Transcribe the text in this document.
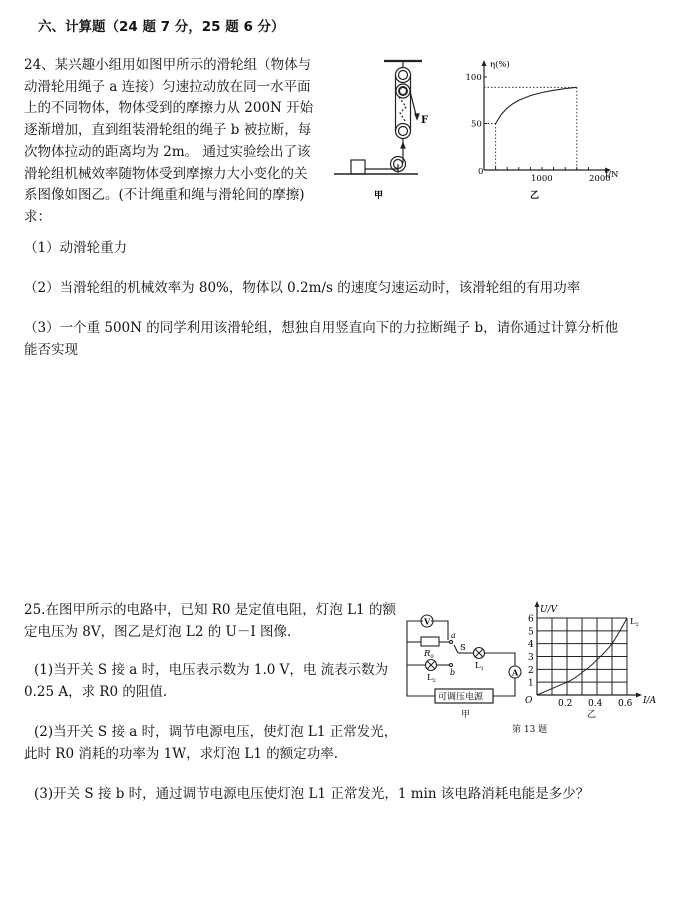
六、计算题（24 题 7 分，25 题 6 分）
24、某兴趣小组用如图甲所示的滑轮组（物体与
动滑轮用绳子 a 连接）匀速拉动放在同一水平面
上的不同物体，物体受到的摩擦力从 200N 开始
逐渐增加，直到组装滑轮组的绳子 b 被拉断，每
次物体拉动的距离均为 2m。 通过实验绘出了该
滑轮组机械效率随物体受到摩擦力大小变化的关
系图像如图乙。(不计绳重和绳与滑轮间的摩擦)
求：
F
甲
1000	2000
50
100
η(%)
f/N
0
乙
（1）动滑轮重力
（2）当滑轮组的机械效率为 80%，物体以 0.2m/s 的速度匀速运动时，该滑轮组的有用功率
（3）一个重 500N 的同学利用该滑轮组，想独自用竖直向下的力拉断绳子 b，请你通过计算分析他
能否实现
25.在图甲所示的电路中，已知 R0 是定值电阻，灯泡 L1 的额
定电压为 8V，图乙是灯泡 L2 的 U－I 图像.
(1)当开关 S 接 a 时，电压表示数为 1.0 V，电 流表示数为
0.25 A，求 R0 的阻值.
(2)当开关 S 接 a 时，调节电源电压，使灯泡 L1 正常发光，
此时 R0 消耗的功率为 1W，求灯泡 L1 的额定功率.
(3)开关 S 接 b 时，通过调节电源电压使灯泡 L1 正常发光，1 min 该电路消耗电能是多少？
V
A
$R_0$
$L_2$
$L_1$
S
a
b
可调压电源
甲
1
2
3
4
5
6
0.2 0.4 0.6
U/V
I/A
O
$L_2$
乙
第 13 题
